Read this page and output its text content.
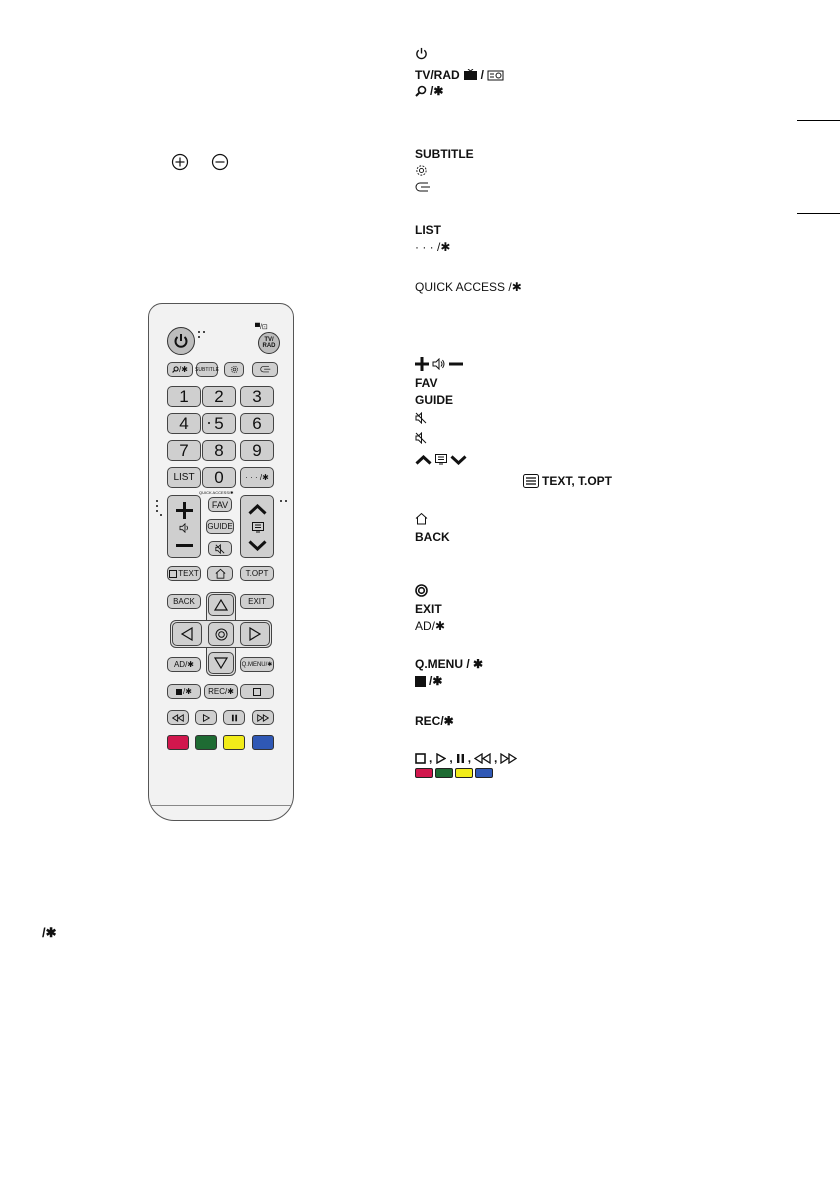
/✱
TV/RAD /
/✱
SUBTITLE
LIST
· · · /✱
QUICK ACCESS /✱
FAV
GUIDE
TEXT, T.OPT
BACK
EXIT
AD/✱
Q.MENU / ✱
/✱
REC/✱
, , , ,
▀/⊡
TV/
RAD
/✱ SUBTITLE
1 2 3
4 5 6
7 8 9
LIST 0	· · · /✱
QUICK ACCESS/✱
FAV
GUIDE
TEXT	T.OPT
BACK	EXIT
AD/✱	Q.MENU/✱
/✱ REC/✱
